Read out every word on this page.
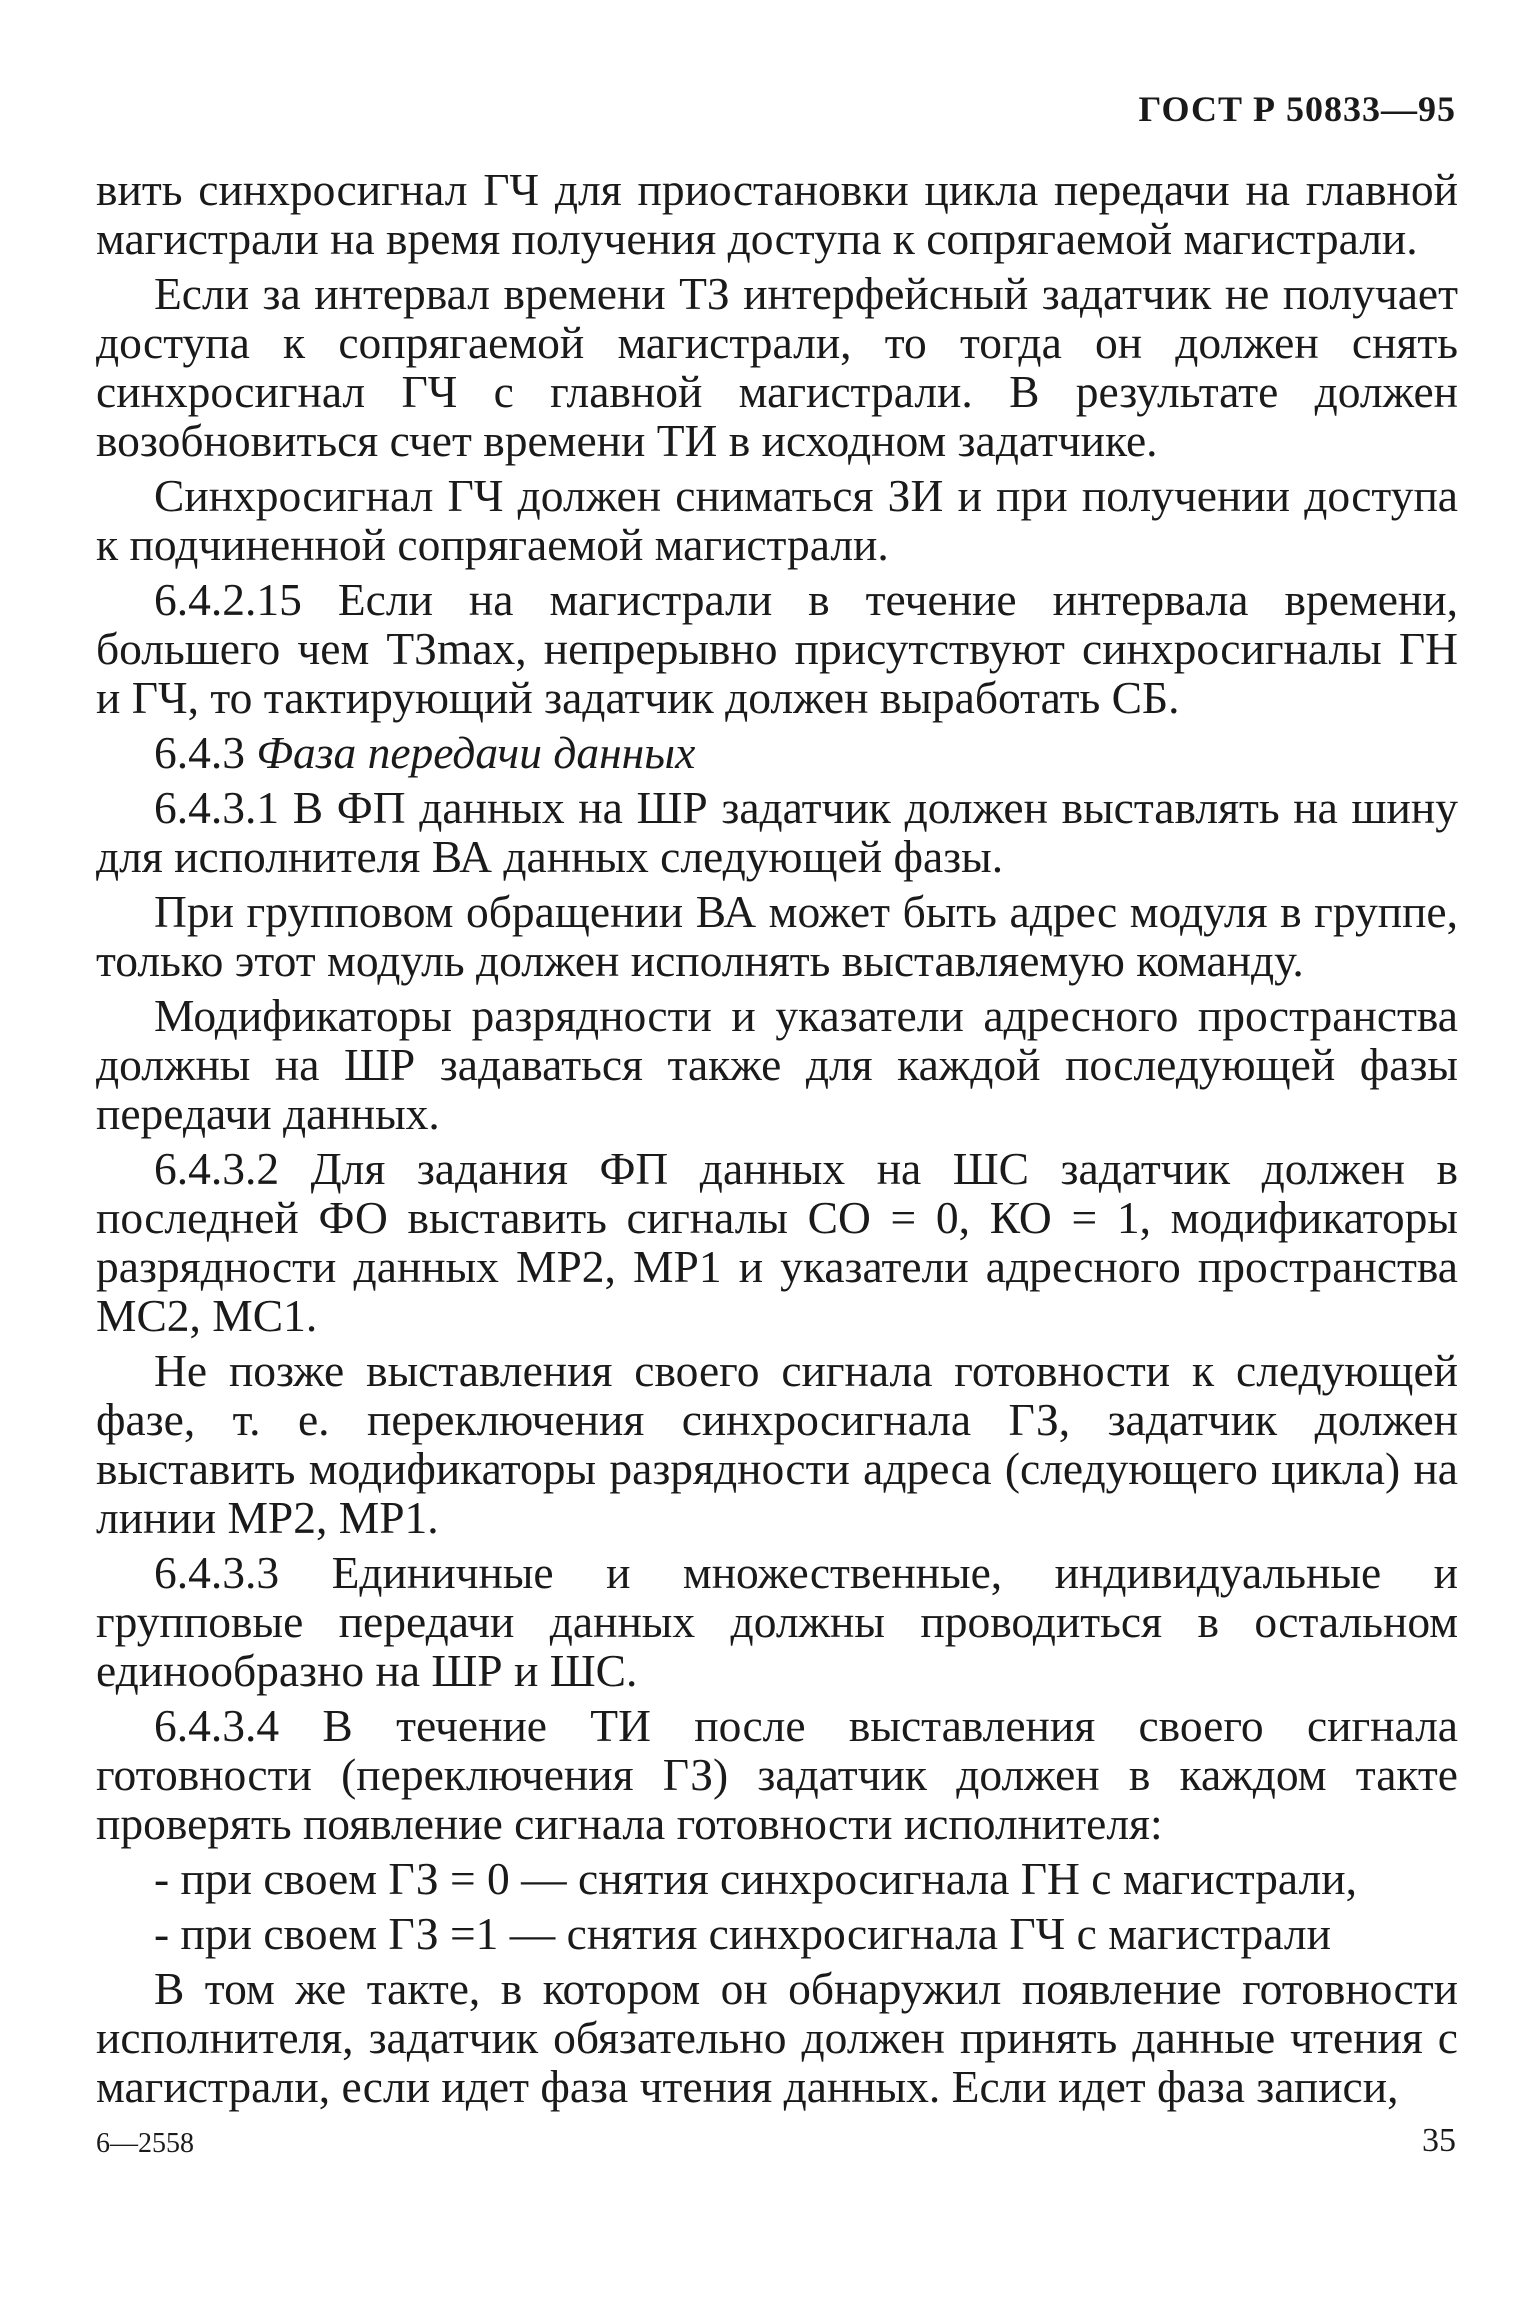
ГОСТ Р 50833—95

вить синхросигнал ГЧ для приостановки цикла передачи на главной магистрали на время получения доступа к сопрягаемой магистрали.

Если за интервал времени ТЗ интерфейсный задатчик не получает доступа к сопрягаемой магистрали, то тогда он должен снять синхросигнал ГЧ с главной магистрали. В результате должен возобновиться счет времени ТИ в исходном задатчике.

Синхросигнал ГЧ должен сниматься ЗИ и при получении доступа к подчиненной сопрягаемой магистрали.

6.4.2.15 Если на магистрали в течение интервала времени, большего чем ТЗmax, непрерывно присутствуют синхросигналы ГН и ГЧ, то тактирующий задатчик должен выработать СБ.

6.4.3 Фаза передачи данных

6.4.3.1 В ФП данных на ШР задатчик должен выставлять на шину для исполнителя ВА данных следующей фазы.

При групповом обращении ВА может быть адрес модуля в группе, только этот модуль должен исполнять выставляемую команду.

Модификаторы разрядности и указатели адресного пространства должны на ШР задаваться также для каждой последующей фазы передачи данных.

6.4.3.2 Для задания ФП данных на ШС задатчик должен в последней ФО выставить сигналы СО = 0, КО = 1, модификаторы разрядности данных МР2, МР1 и указатели адресного пространства МС2, МС1.

Не позже выставления своего сигнала готовности к следующей фазе, т. е. переключения синхросигнала ГЗ, задатчик должен выставить модификаторы разрядности адреса (следующего цикла) на линии МР2, МР1.

6.4.3.3 Единичные и множественные, индивидуальные и групповые передачи данных должны проводиться в остальном единообразно на ШР и ШС.

6.4.3.4 В течение ТИ после выставления своего сигнала готовности (переключения ГЗ) задатчик должен в каждом такте проверять появление сигнала готовности исполнителя:

- при своем ГЗ = 0 — снятия синхросигнала ГН с магистрали,

- при своем ГЗ =1 — снятия синхросигнала ГЧ с магистрали

В том же такте, в котором он обнаружил появление готовности исполнителя, задатчик обязательно должен принять данные чтения с магистрали, если идет фаза чтения данных. Если идет фаза записи,

6—2558	35
